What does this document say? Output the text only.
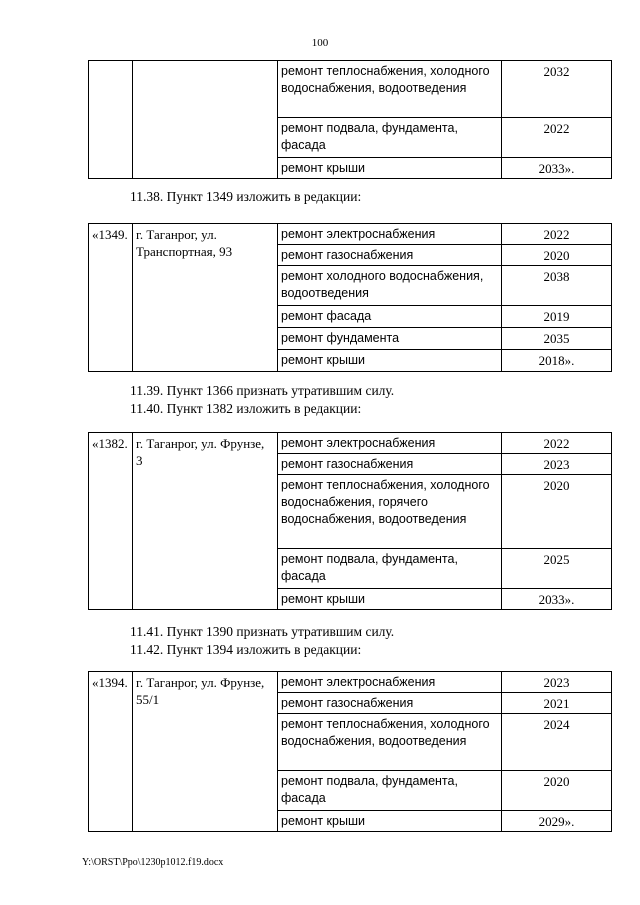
100
		ремонт теплоснабжения, холодного водоснабжения, водоотведения	2032
		ремонт подвала, фундамента, фасада	2022
		ремонт крыши	2033».
11.38. Пункт 1349 изложить в редакции:
«1349.	г. Таганрог, ул. Транспортная, 93	ремонт электроснабжения	2022
		ремонт газоснабжения	2020
		ремонт холодного водоснабжения, водоотведения	2038
		ремонт фасада	2019
		ремонт фундамента	2035
		ремонт крыши	2018».
11.39. Пункт 1366 признать утратившим силу.
11.40. Пункт 1382 изложить в редакции:
«1382.	г. Таганрог, ул. Фрунзе, 3	ремонт электроснабжения	2022
		ремонт газоснабжения	2023
		ремонт теплоснабжения, холодного водоснабжения, горячего водоснабжения, водоотведения	2020
		ремонт подвала, фундамента, фасада	2025
		ремонт крыши	2033».
11.41. Пункт 1390 признать утратившим силу.
11.42. Пункт 1394 изложить в редакции:
«1394.	г. Таганрог, ул. Фрунзе, 55/1	ремонт электроснабжения	2023
		ремонт газоснабжения	2021
		ремонт теплоснабжения, холодного водоснабжения, водоотведения	2024
		ремонт подвала, фундамента, фасада	2020
		ремонт крыши	2029».
Y:\ORST\Ppo\1230p1012.f19.docx
